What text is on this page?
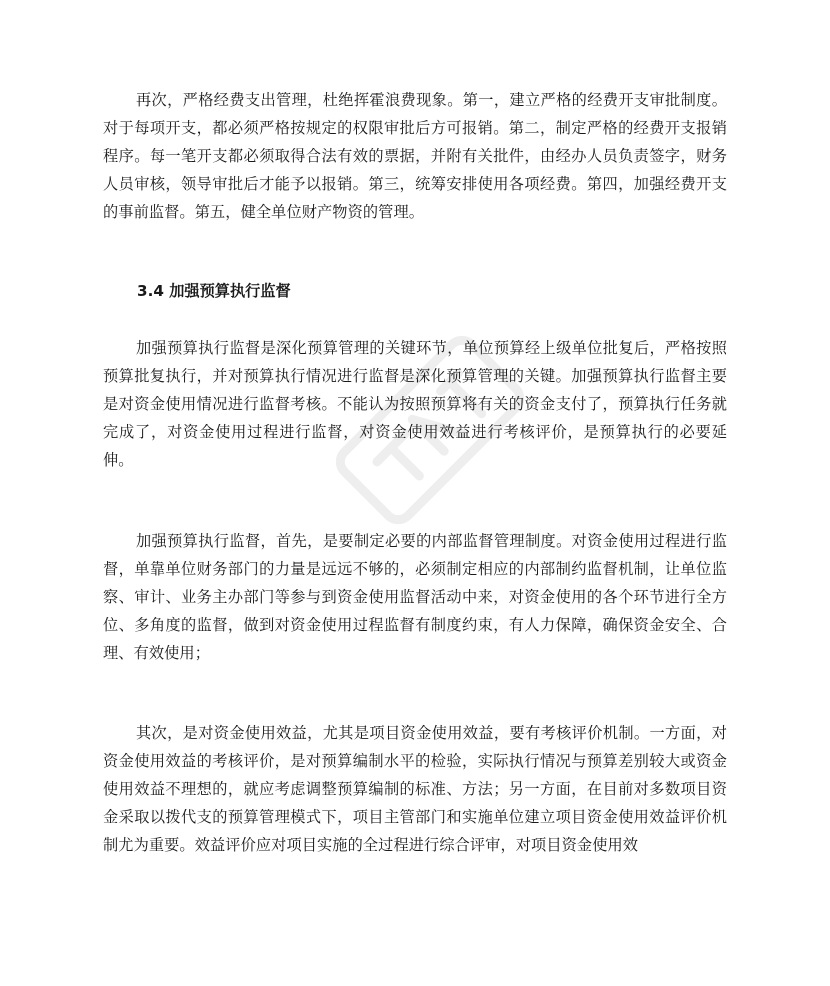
再次，严格经费支出管理，杜绝挥霍浪费现象。第一，建立严格的经费开支审批制度。对于每项开支，都必须严格按规定的权限审批后方可报销。第二，制定严格的经费开支报销程序。每一笔开支都必须取得合法有效的票据，并附有关批件，由经办人员负责签字，财务人员审核，领导审批后才能予以报销。第三，统筹安排使用各项经费。第四，加强经费开支的事前监督。第五，健全单位财产物资的管理。

3.4 加强预算执行监督

加强预算执行监督是深化预算管理的关键环节，单位预算经上级单位批复后，严格按照预算批复执行，并对预算执行情况进行监督是深化预算管理的关键。加强预算执行监督主要是对资金使用情况进行监督考核。不能认为按照预算将有关的资金支付了，预算执行任务就完成了，对资金使用过程进行监督，对资金使用效益进行考核评价，是预算执行的必要延伸。

加强预算执行监督，首先，是要制定必要的内部监督管理制度。对资金使用过程进行监督，单靠单位财务部门的力量是远远不够的，必须制定相应的内部制约监督机制，让单位监察、审计、业务主办部门等参与到资金使用监督活动中来，对资金使用的各个环节进行全方位、多角度的监督，做到对资金使用过程监督有制度约束，有人力保障，确保资金安全、合理、有效使用；

其次，是对资金使用效益，尤其是项目资金使用效益，要有考核评价机制。一方面，对资金使用效益的考核评价，是对预算编制水平的检验，实际执行情况与预算差别较大或资金使用效益不理想的，就应考虑调整预算编制的标准、方法；另一方面，在目前对多数项目资金采取以拨代支的预算管理模式下，项目主管部门和实施单位建立项目资金使用效益评价机制尤为重要。效益评价应对项目实施的全过程进行综合评审，对项目资金使用效
